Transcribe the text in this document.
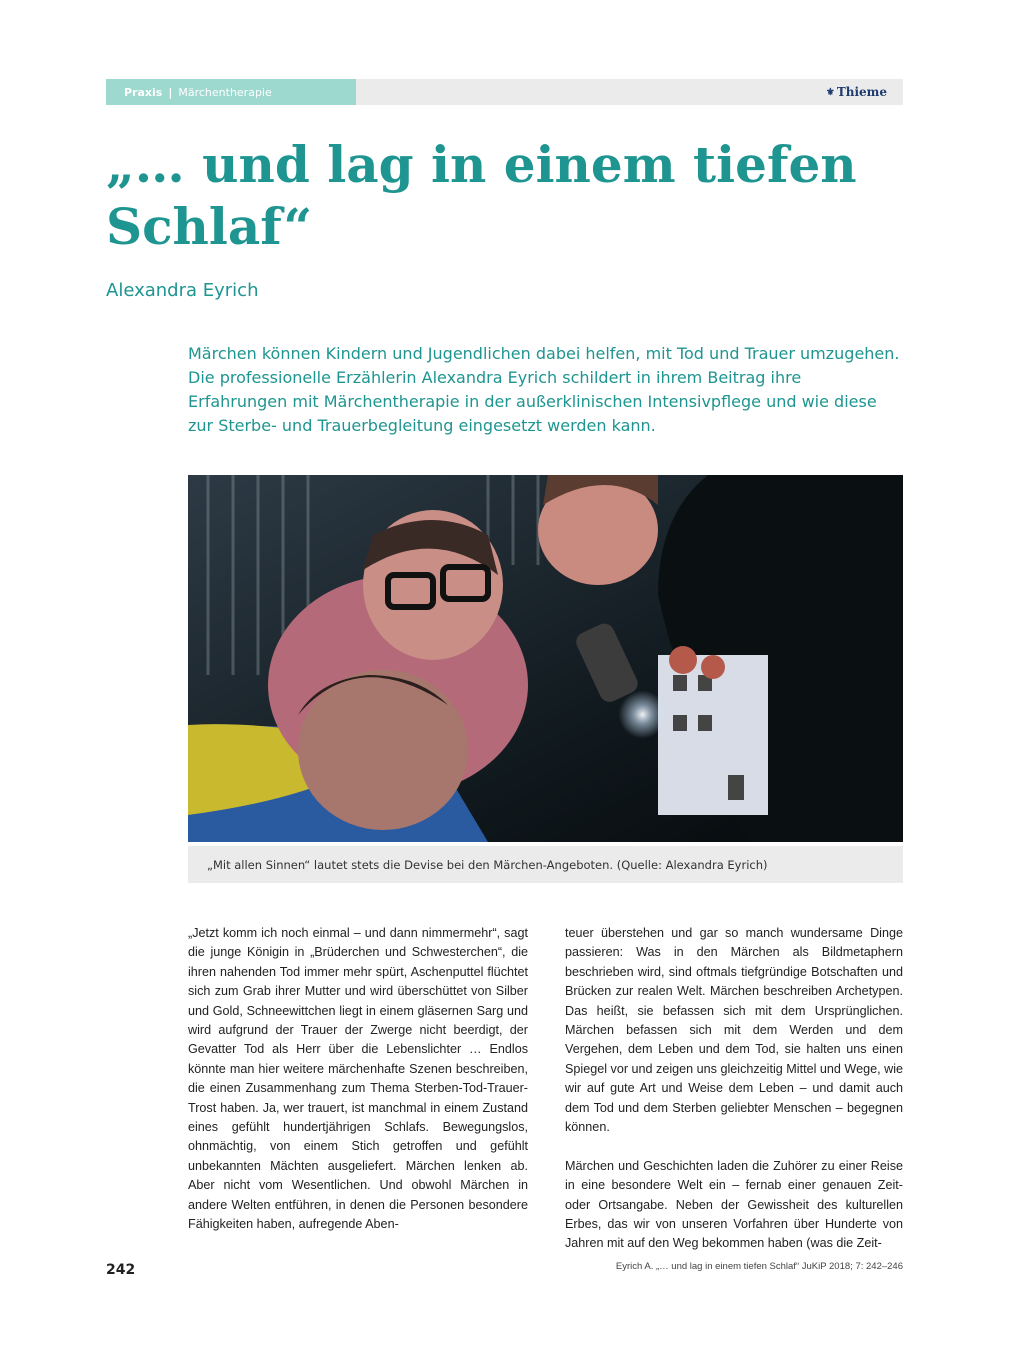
Praxis | Märchentherapie	⚜ Thieme
„… und lag in einem tiefen
Schlaf“
Alexandra Eyrich

Märchen können Kindern und Jugendlichen dabei helfen, mit Tod und Trauer umzugehen. Die professionelle Erzählerin Alexandra Eyrich schildert in ihrem Beitrag ihre Erfahrungen mit Märchentherapie in der außerklinischen Intensivpflege und wie diese zur Sterbe- und Trauerbegleitung eingesetzt werden kann.

„Mit allen Sinnen“ lautet stets die Devise bei den Märchen-Angeboten. (Quelle: Alexandra Eyrich)

„Jetzt komm ich noch einmal – und dann nimmermehr“, sagt die junge Königin in „Brüderchen und Schwesterchen“, die ihren nahenden Tod immer mehr spürt, Aschenputtel flüchtet sich zum Grab ihrer Mutter und wird überschüttet von Silber und Gold, Schneewittchen liegt in einem gläsernen Sarg und wird aufgrund der Trauer der Zwerge nicht beerdigt, der Gevatter Tod als Herr über die Lebenslichter … Endlos könnte man hier weitere märchenhafte Szenen beschreiben, die einen Zusammenhang zum Thema Sterben-Tod-Trauer-Trost haben. Ja, wer trauert, ist manchmal in einem Zustand eines gefühlt hundertjährigen Schlafs. Bewegungslos, ohnmächtig, von einem Stich getroffen und gefühlt unbekannten Mächten ausgeliefert. Märchen lenken ab. Aber nicht vom Wesentlichen. Und obwohl Märchen in andere Welten entführen, in denen die Personen besondere Fähigkeiten haben, aufregende Aben-

teuer überstehen und gar so manch wundersame Dinge passieren: Was in den Märchen als Bildmetaphern beschrieben wird, sind oftmals tiefgründige Botschaften und Brücken zur realen Welt. Märchen beschreiben Archetypen. Das heißt, sie befassen sich mit dem Ursprünglichen. Märchen befassen sich mit dem Werden und dem Vergehen, dem Leben und dem Tod, sie halten uns einen Spiegel vor und zeigen uns gleichzeitig Mittel und Wege, wie wir auf gute Art und Weise dem Leben – und damit auch dem Tod und dem Sterben geliebter Menschen – begegnen können.

Märchen und Geschichten laden die Zuhörer zu einer Reise in eine besondere Welt ein – fernab einer genauen Zeit- oder Ortsangabe. Neben der Gewissheit des kulturellen Erbes, das wir von unseren Vorfahren über Hunderte von Jahren mit auf den Weg bekommen haben (was die Zeit-

242	Eyrich A. „… und lag in einem tiefen Schlaf“ JuKiP 2018; 7: 242–246
